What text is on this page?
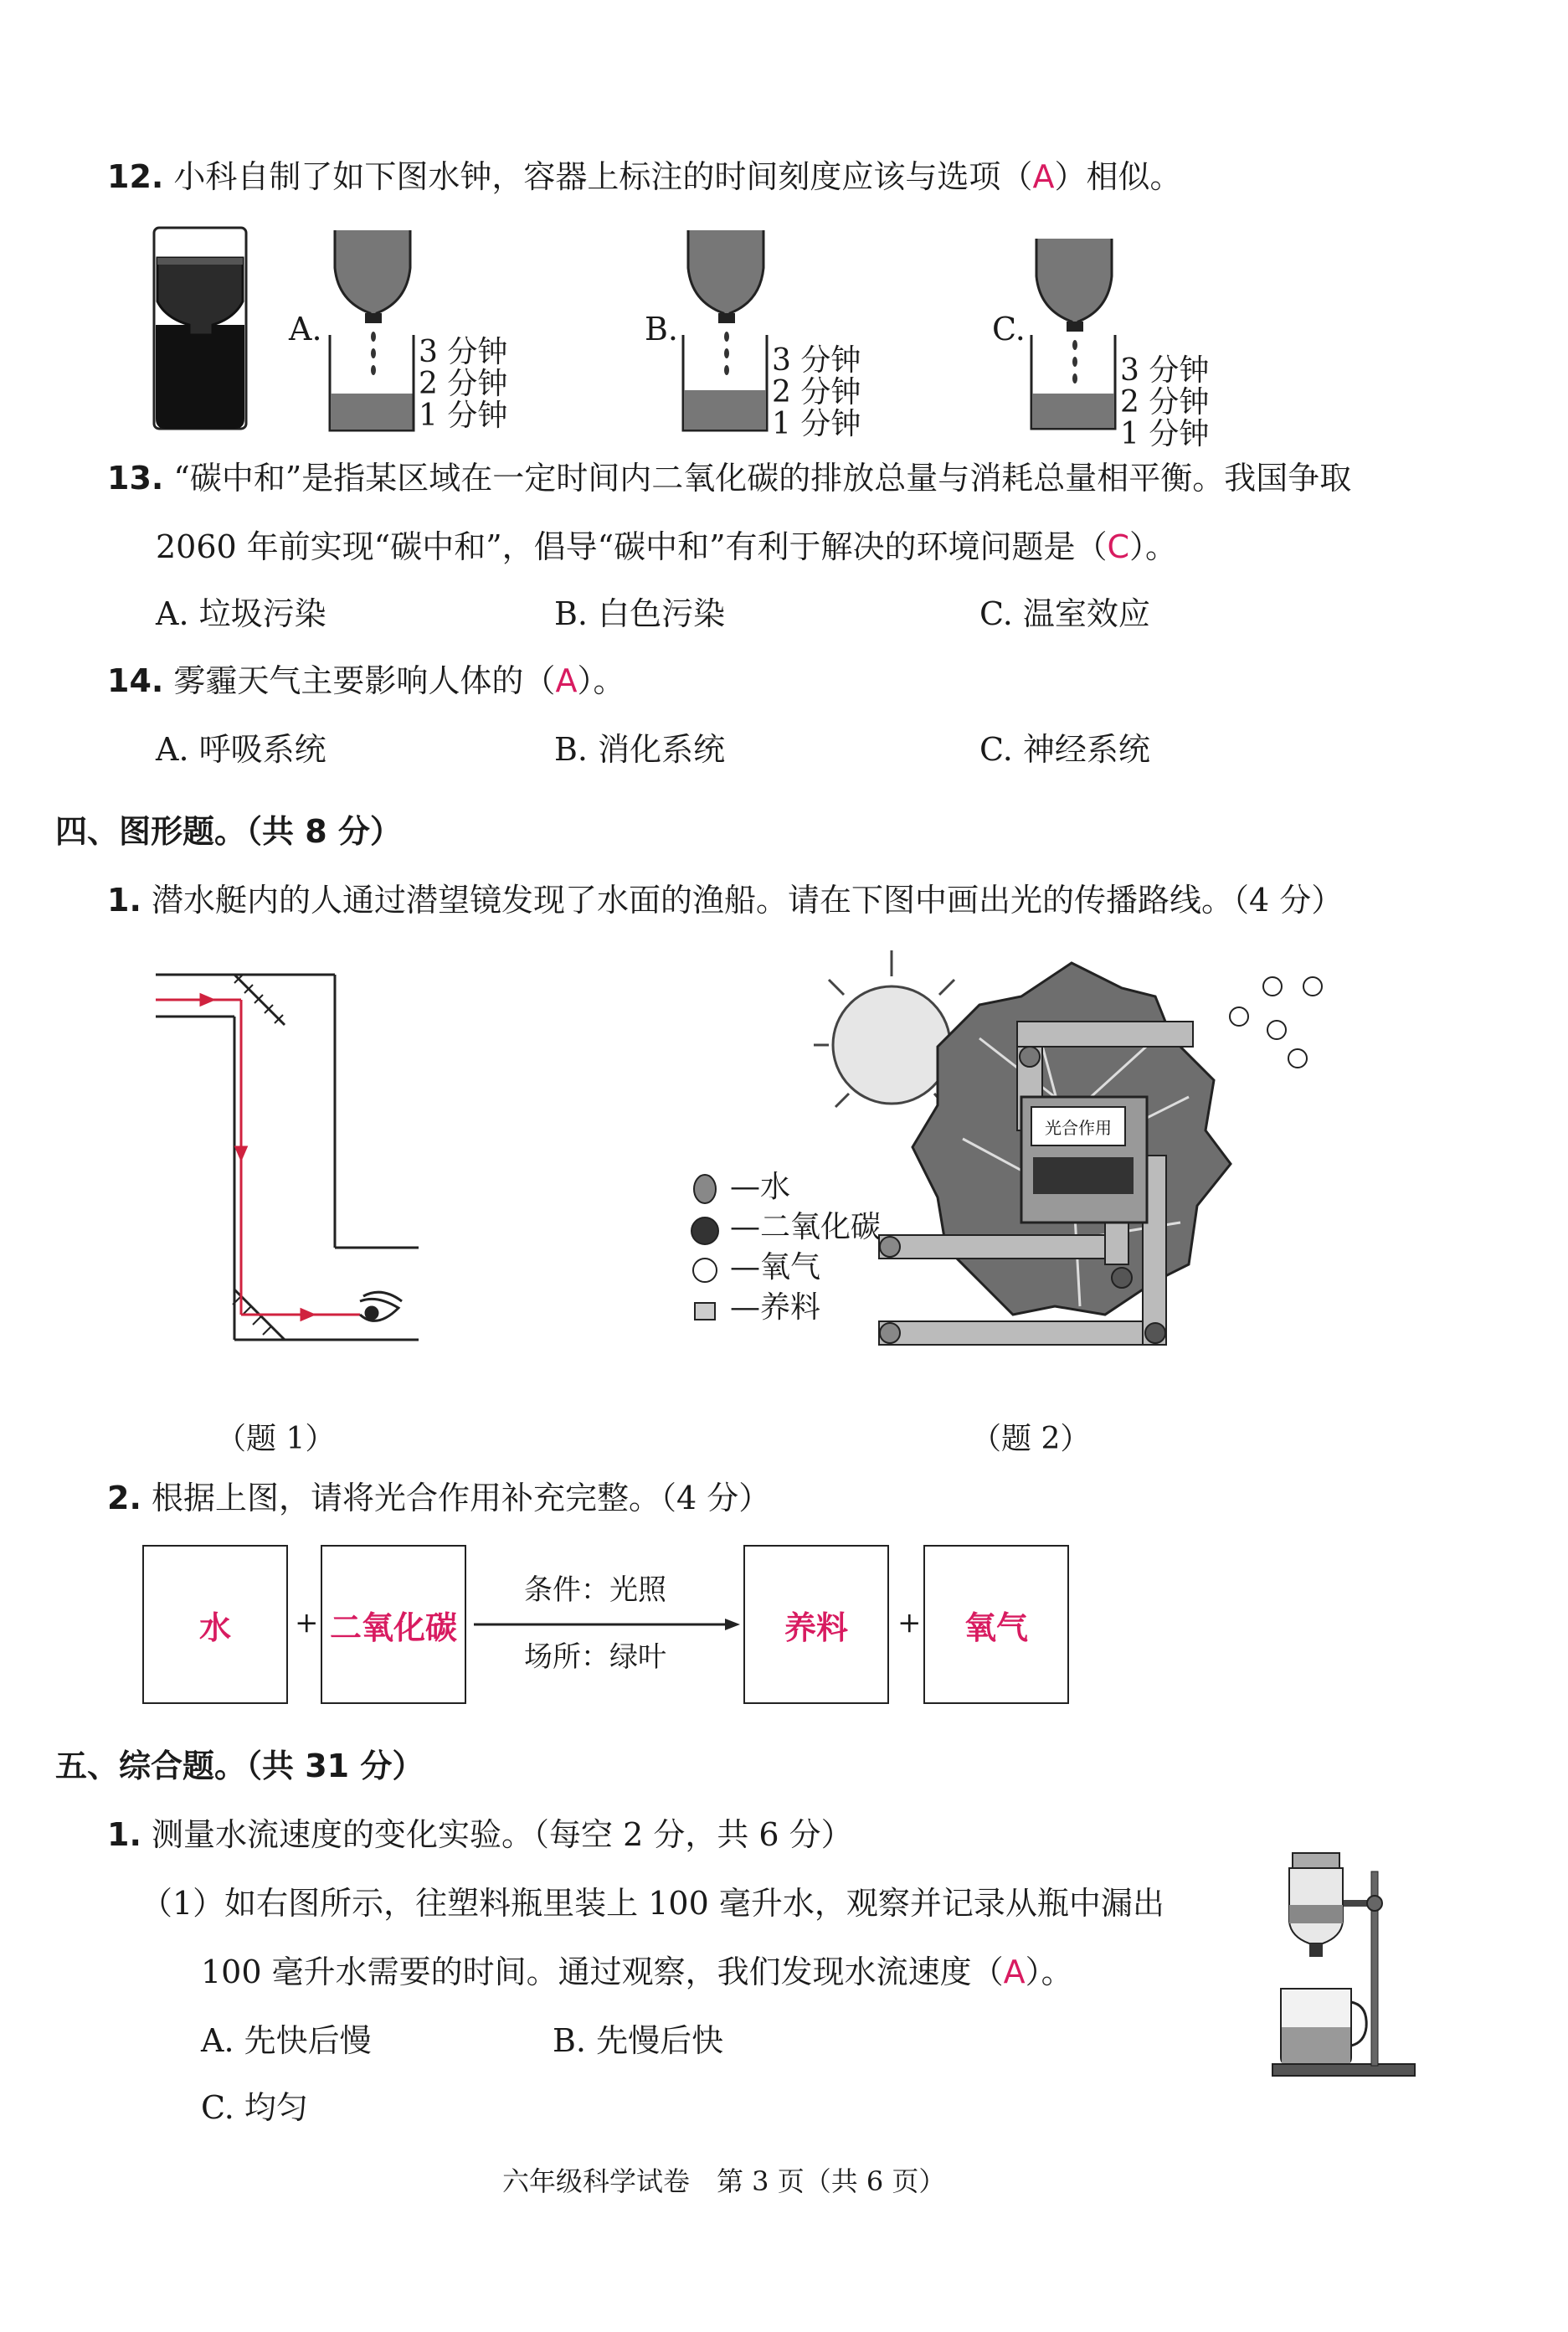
12. 小科自制了如下图水钟，容器上标注的时间刻度应该与选项（A）相似。
A.
3 分钟
2 分钟
1 分钟
B.
3 分钟
2 分钟
1 分钟
C.
3 分钟
2 分钟
1 分钟
13. “碳中和”是指某区域在一定时间内二氧化碳的排放总量与消耗总量相平衡。我国争取
2060 年前实现“碳中和”，倡导“碳中和”有利于解决的环境问题是（C）。
A. 垃圾污染	B. 白色污染	C. 温室效应
14. 雾霾天气主要影响人体的（A）。
A. 呼吸系统	B. 消化系统	C. 神经系统
四、图形题。（共 8 分）
1. 潜水艇内的人通过潜望镜发现了水面的渔船。请在下图中画出光的传播路线。（4 分）
光合作用
—水
—二氧化碳
—氧气
—养料
（题 1）	（题 2）
2. 根据上图，请将光合作用补充完整。（4 分）
水	+ 二氧化碳
条件：光照
场所：绿叶
养料	+	氧气
五、综合题。（共 31 分）
1. 测量水流速度的变化实验。（每空 2 分，共 6 分）
（1）如右图所示，往塑料瓶里装上 100 毫升水，观察并记录从瓶中漏出
100 毫升水需要的时间。通过观察，我们发现水流速度（A）。
A. 先快后慢	B. 先慢后快
C. 均匀
六年级科学试卷　第 3 页（共 6 页）
